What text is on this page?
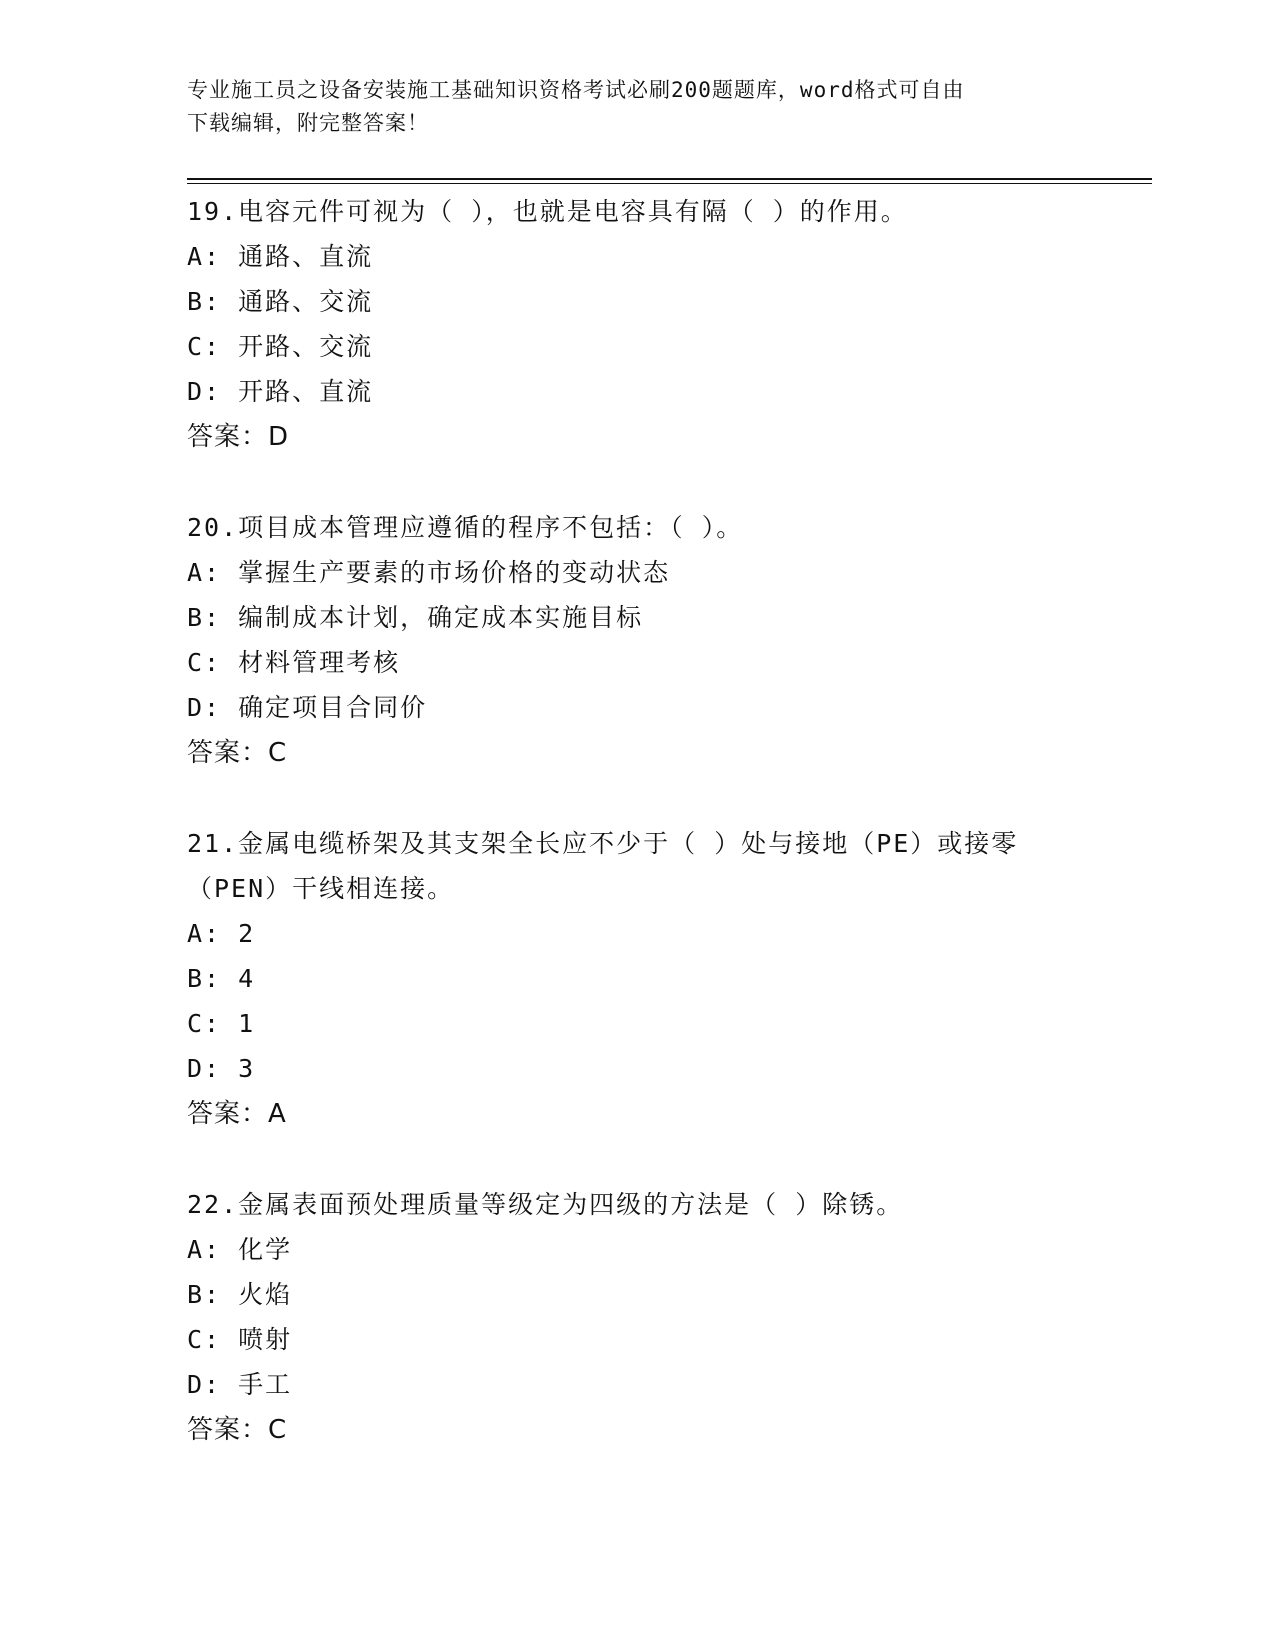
专业施工员之设备安装施工基础知识资格考试必刷200题题库，word格式可自由
下载编辑，附完整答案！
19.电容元件可视为（ ），也就是电容具有隔（ ）的作用。
A: 通路、直流
B: 通路、交流
C: 开路、交流
D: 开路、直流
答案：D
20.项目成本管理应遵循的程序不包括：（ ）。
A: 掌握生产要素的市场价格的变动状态
B: 编制成本计划，确定成本实施目标
C: 材料管理考核
D: 确定项目合同价
答案：C
21.金属电缆桥架及其支架全长应不少于（ ）处与接地（PE）或接零
（PEN）干线相连接。
A: 2
B: 4
C: 1
D: 3
答案：A
22.金属表面预处理质量等级定为四级的方法是（ ）除锈。
A: 化学
B: 火焰
C: 喷射
D: 手工
答案：C
